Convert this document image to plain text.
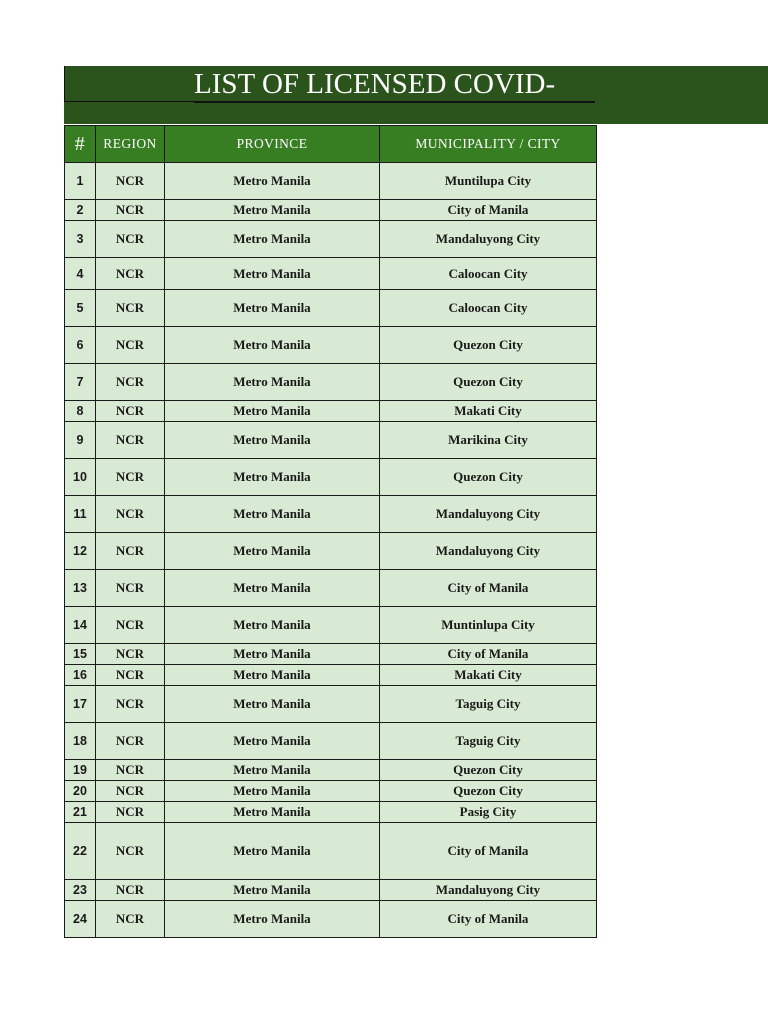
LIST OF LICENSED COVID-
#	REGION	PROVINCE	MUNICIPALITY / CITY
1	NCR	Metro Manila	Muntilupa City
2	NCR	Metro Manila	City of Manila
3	NCR	Metro Manila	Mandaluyong City
4	NCR	Metro Manila	Caloocan City
5	NCR	Metro Manila	Caloocan City
6	NCR	Metro Manila	Quezon City
7	NCR	Metro Manila	Quezon City
8	NCR	Metro Manila	Makati City
9	NCR	Metro Manila	Marikina City
10	NCR	Metro Manila	Quezon City
11	NCR	Metro Manila	Mandaluyong City
12	NCR	Metro Manila	Mandaluyong City
13	NCR	Metro Manila	City of Manila
14	NCR	Metro Manila	Muntinlupa City
15	NCR	Metro Manila	City of Manila
16	NCR	Metro Manila	Makati City
17	NCR	Metro Manila	Taguig City
18	NCR	Metro Manila	Taguig City
19	NCR	Metro Manila	Quezon City
20	NCR	Metro Manila	Quezon City
21	NCR	Metro Manila	Pasig City
22	NCR	Metro Manila	City of Manila
23	NCR	Metro Manila	Mandaluyong City
24	NCR	Metro Manila	City of Manila
